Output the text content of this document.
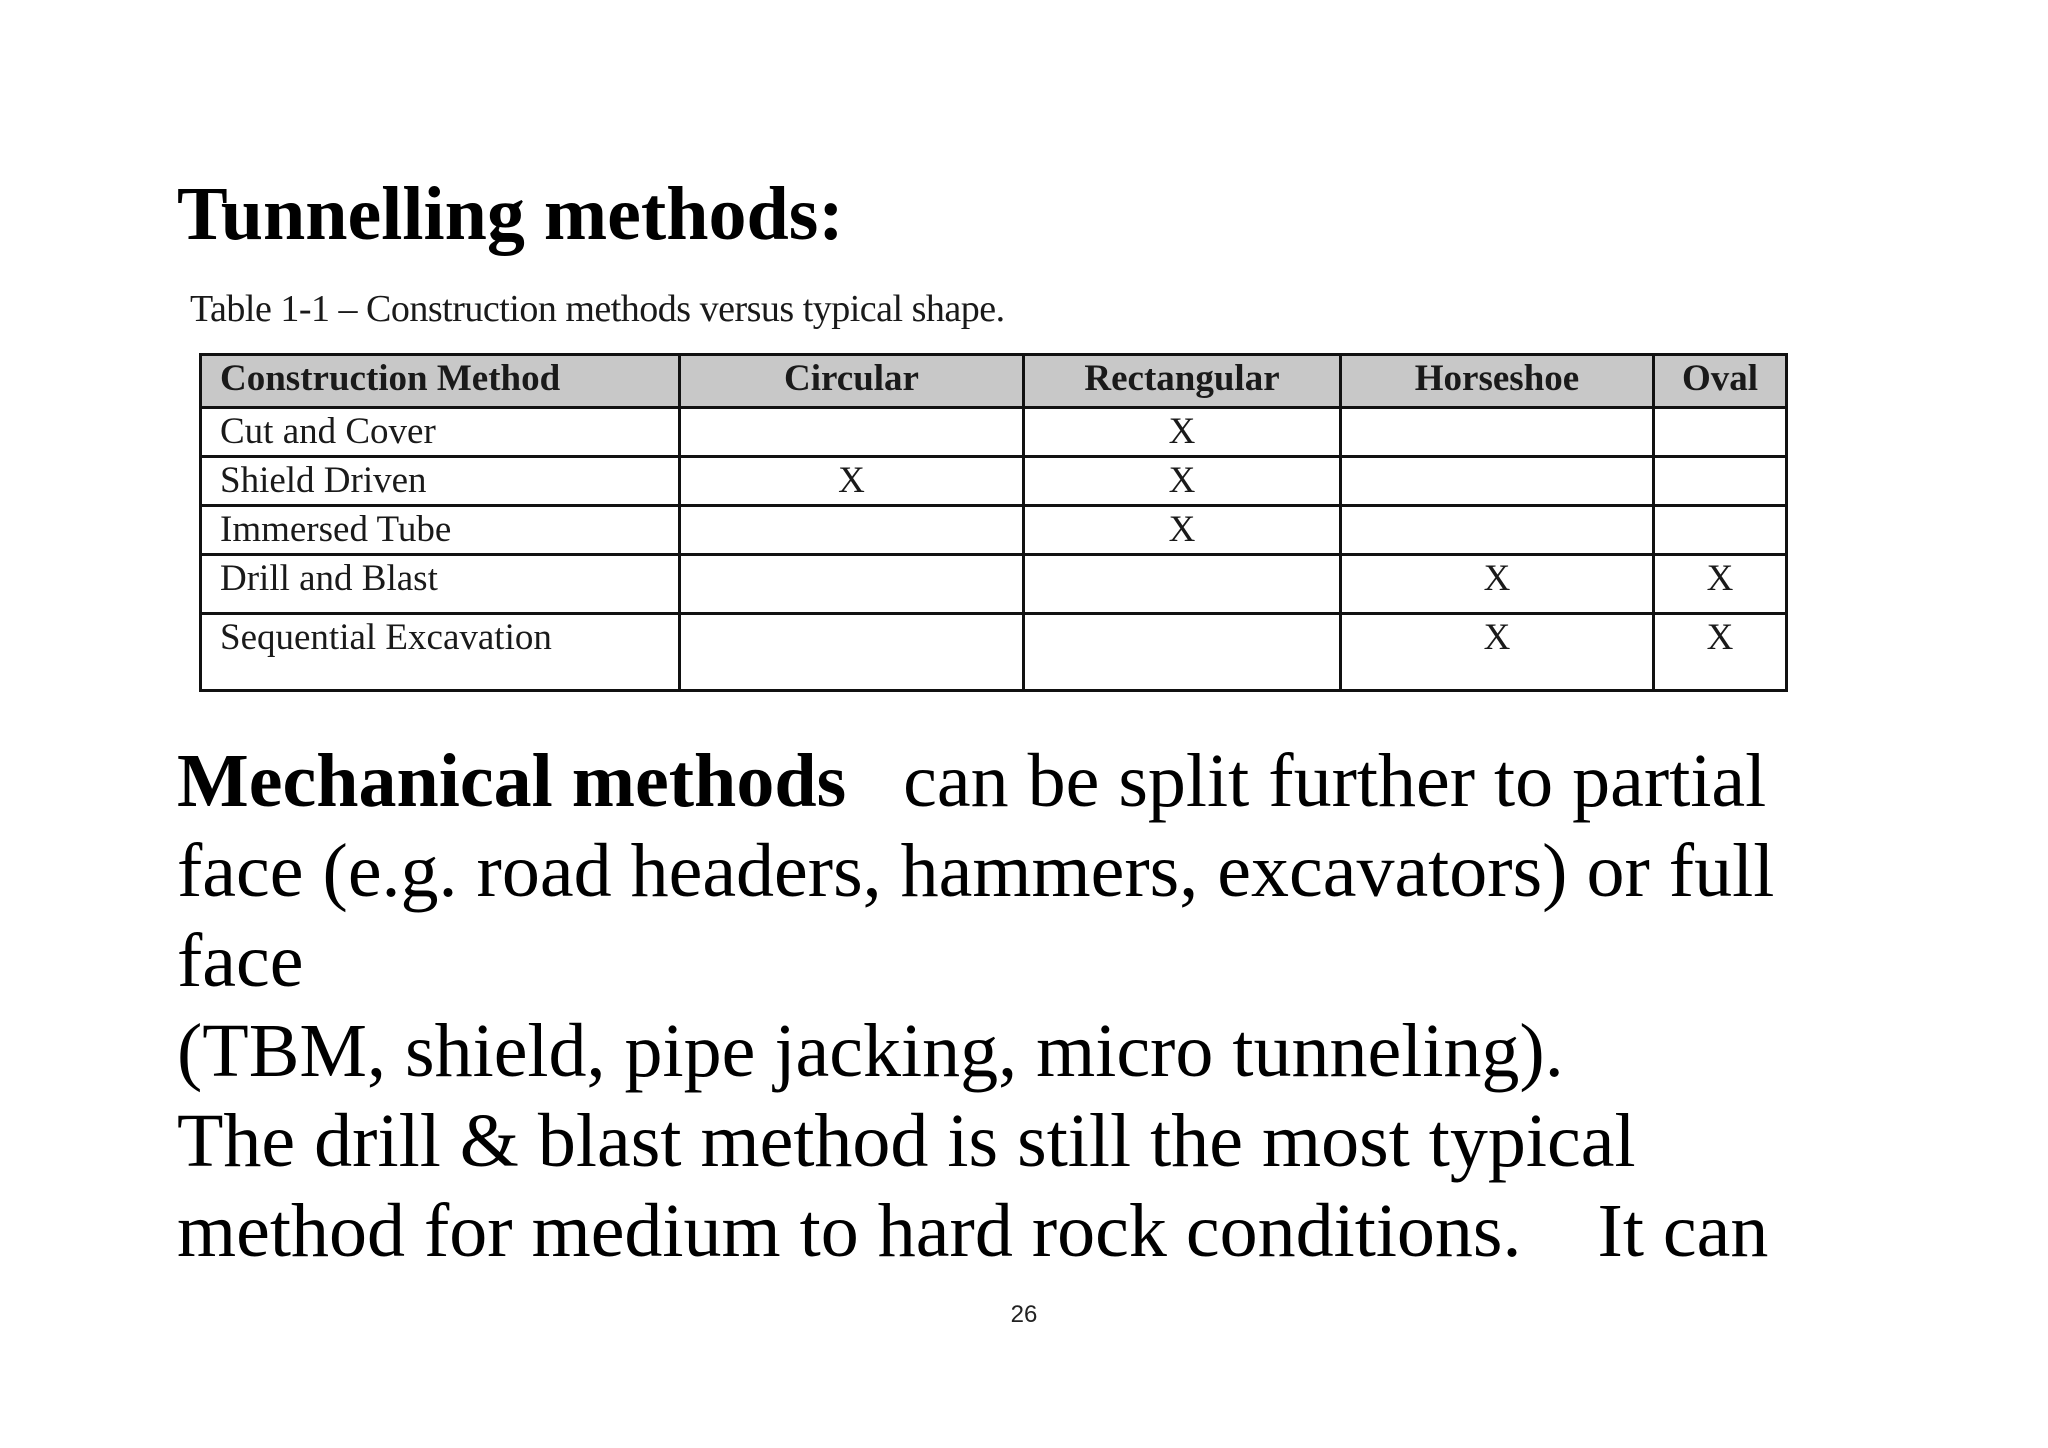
Tunnelling methods:
Table 1-1 – Construction methods versus typical shape.
Construction Method	Circular	Rectangular	Horseshoe	Oval
Cut and Cover		X		
Shield Driven	X	X		
Immersed Tube		X		
Drill and Blast			X	X
Sequential Excavation			X	X
Mechanical methods   can be split further to partial
face (e.g. road headers, hammers, excavators) or full
face
(TBM, shield, pipe jacking, micro tunneling).
The drill & blast method is still the most typical
method for medium to hard rock conditions.    It can
26
